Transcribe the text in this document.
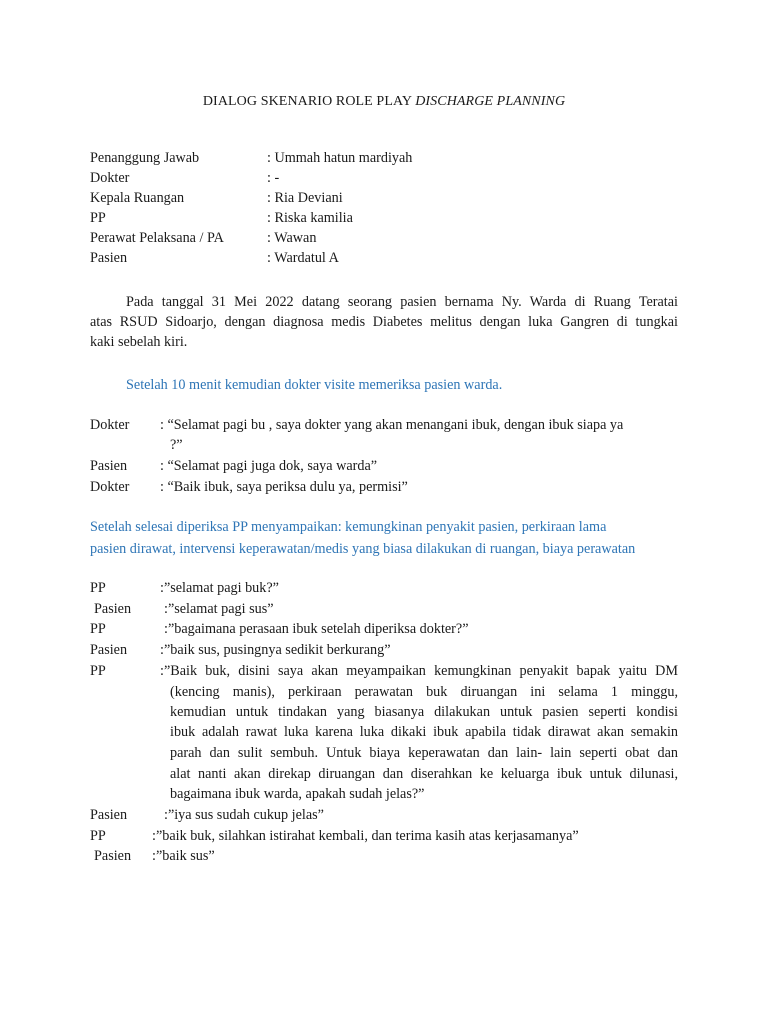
DIALOG SKENARIO ROLE PLAY DISCHARGE PLANNING
Penanggung Jawab	: Ummah hatun mardiyah
Dokter	: -
Kepala Ruangan	: Ria Deviani
PP	: Riska kamilia
Perawat Pelaksana / PA	: Wawan
Pasien	: Wardatul A
Pada tanggal 31 Mei 2022 datang seorang pasien bernama Ny. Warda di Ruang Teratai
atas RSUD Sidoarjo, dengan diagnosa medis Diabetes melitus dengan luka Gangren di tungkai
kaki sebelah kiri.
Setelah 10 menit kemudian dokter visite memeriksa pasien warda.
Dokter : “Selamat pagi bu , saya dokter yang akan menangani ibuk, dengan ibuk siapa ya
?”
Pasien : “Selamat pagi juga dok, saya warda”
Dokter : “Baik ibuk, saya periksa dulu ya, permisi”
Setelah selesai diperiksa PP menyampaikan: kemungkinan penyakit pasien, perkiraan lama
pasien dirawat, intervensi keperawatan/medis yang biasa dilakukan di ruangan, biaya perawatan
PP	:”selamat pagi buk?”
Pasien :”selamat pagi sus”
PP	:”bagaimana perasaan ibuk setelah diperiksa dokter?”
Pasien :”baik sus, pusingnya sedikit berkurang”
PP	:”Baik buk, disini saya akan meyampaikan kemungkinan penyakit bapak yaitu DM
(kencing manis), perkiraan perawatan buk diruangan ini selama 1 minggu,
kemudian untuk tindakan yang biasanya dilakukan untuk pasien seperti kondisi
ibuk adalah rawat luka karena luka dikaki ibuk apabila tidak dirawat akan semakin
parah dan sulit sembuh. Untuk biaya keperawatan dan lain- lain seperti obat dan
alat nanti akan direkap diruangan dan diserahkan ke keluarga ibuk untuk dilunasi,
bagaimana ibuk warda, apakah sudah jelas?”
Pasien	:”iya sus sudah cukup jelas”
PP	:”baik buk, silahkan istirahat kembali, dan terima kasih atas kerjasamanya”
Pasien :”baik sus”
